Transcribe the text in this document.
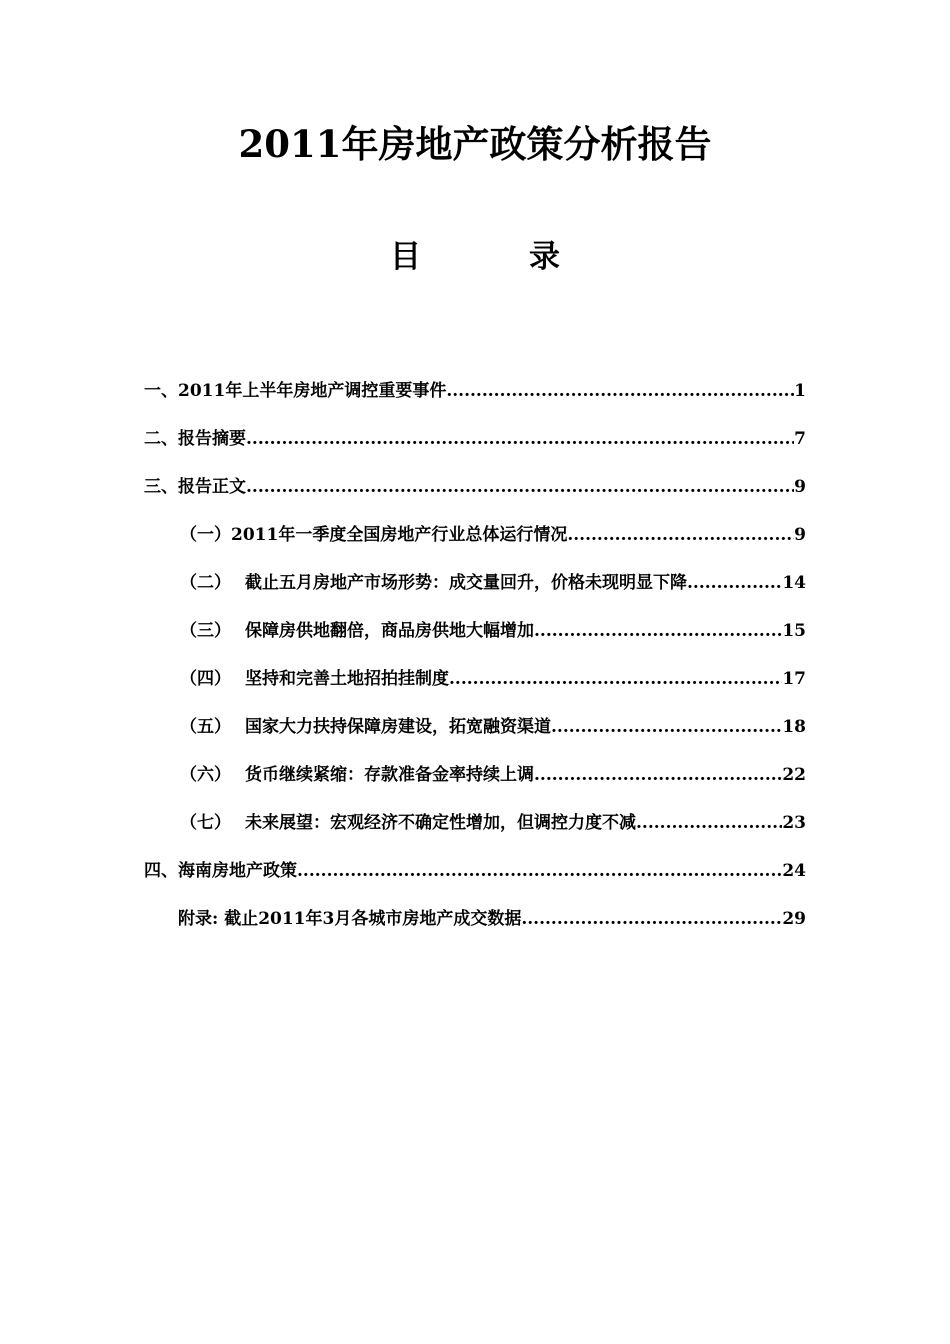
2011年房地产政策分析报告
目	录
一、2011年上半年房地产调控重要事件 .....	1
二、报告摘要 .....	7
三、报告正文 .....	9
（一）2011年一季度全国房地产行业总体运行情况 .....	9
（二） 截止五月房地产市场形势：成交量回升，价格未现明显下降 .....	14
（三） 保障房供地翻倍，商品房供地大幅增加 .....	15
（四） 坚持和完善土地招拍挂制度 .....	17
（五） 国家大力扶持保障房建设，拓宽融资渠道 .....	18
（六） 货币继续紧缩：存款准备金率持续上调 .....	22
（七） 未来展望：宏观经济不确定性增加，但调控力度不减 .....	23
四、海南房地产政策 .....	24
附录: 截止2011年3月各城市房地产成交数据 .....	29
